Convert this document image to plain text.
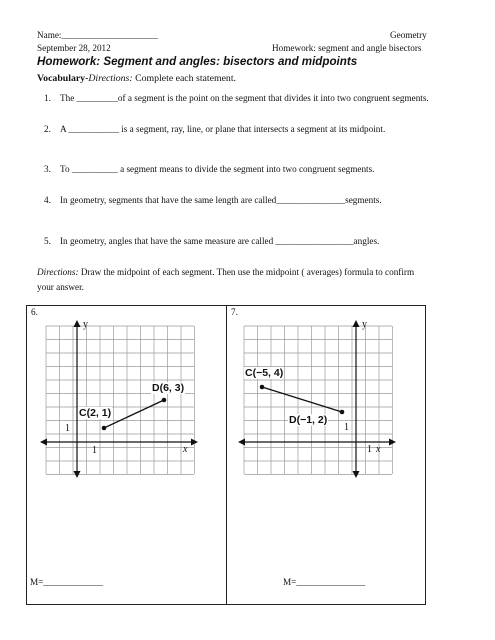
Name:_____________________	Geometry
September 28, 2012	Homework: segment and angle bisectors
Homework: Segment and angles: bisectors and midpoints
Vocabulary-Directions: Complete each statement.
1. The _________of a segment is the point on the segment that divides it into two congruent segments.
2. A ___________ is a segment, ray, line, or plane that intersects a segment at its midpoint.
3. To __________ a segment means to divide the segment into two congruent segments.
4. In geometry, segments that have the same length are called_______________segments.
5. In geometry, angles that have the same measure are called _________________angles.
Directions: Draw the midpoint of each segment. Then use the midpoint ( averages) formula to confirm
your answer.
6.	7.
y
x
1
1
C(2, 1)
D(6, 3)
y
x
1
1
C(−5, 4)
D(−1, 2)
M=_____________	M=_______________
